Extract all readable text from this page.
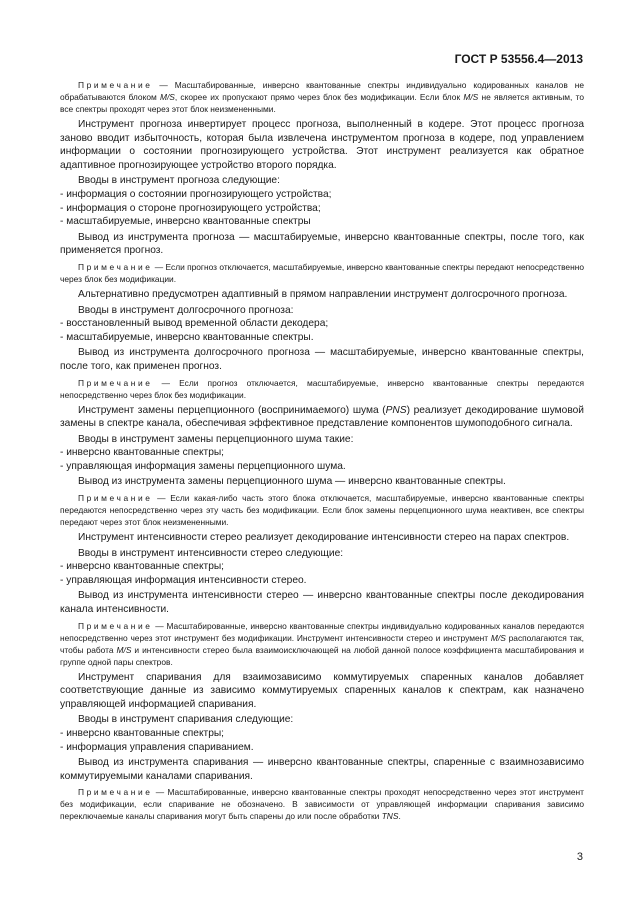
ГОСТ Р 53556.4—2013

Примечание — Масштабированные, инверсно квантованные спектры индивидуально кодированных каналов не обрабатываются блоком M/S, скорее их пропускают прямо через блок без модификации. Если блок M/S не является активным, то все спектры проходят через этот блок неизмененными.

Инструмент прогноза инвертирует процесс прогноза, выполненный в кодере. Этот процесс прогноза заново вводит избыточность, которая была извлечена инструментом прогноза в кодере, под управлением информации о состоянии прогнозирующего устройства. Этот инструмент реализуется как обратное адаптивное прогнозирующее устройство второго порядка.

Вводы в инструмент прогноза следующие:

- информация о состоянии прогнозирующего устройства;

- информация о стороне прогнозирующего устройства;

- масштабируемые, инверсно квантованные спектры

Вывод из инструмента прогноза — масштабируемые, инверсно квантованные спектры, после того, как применяется прогноз.

Примечание — Если прогноз отключается, масштабируемые, инверсно квантованные спектры передают непосредственно через блок без модификации.

Альтернативно предусмотрен адаптивный в прямом направлении инструмент долгосрочного прогноза.

Вводы в инструмент долгосрочного прогноза:

- восстановленный вывод временной области декодера;

- масштабируемые, инверсно квантованные спектры.

Вывод из инструмента долгосрочного прогноза — масштабируемые, инверсно квантованные спектры, после того, как применен прогноз.

Примечание — Если прогноз отключается, масштабируемые, инверсно квантованные спектры передаются непосредственно через блок без модификации.

Инструмент замены перцепционного (воспринимаемого) шума (PNS) реализует декодирование шумовой замены в спектре канала, обеспечивая эффективное представление компонентов шумоподобного сигнала.

Вводы в инструмент замены перцепционного шума такие:

- инверсно квантованные спектры;

- управляющая информация замены перцепционного шума.

Вывод из инструмента замены перцепционного шума — инверсно квантованные спектры.

Примечание — Если какая-либо часть этого блока отключается, масштабируемые, инверсно квантованные спектры передаются непосредственно через эту часть без модификации. Если блок замены перцепционного шума неактивен, все спектры передают через этот блок неизмененными.

Инструмент интенсивности стерео реализует декодирование интенсивности стерео на парах спектров.

Вводы в инструмент интенсивности стерео следующие:

- инверсно квантованные спектры;

- управляющая информация интенсивности стерео.

Вывод из инструмента интенсивности стерео — инверсно квантованные спектры после декодирования канала интенсивности.

Примечание — Масштабированные, инверсно квантованные спектры индивидуально кодированных каналов передаются непосредственно через этот инструмент без модификации. Инструмент интенсивности стерео и инструмент M/S располагаются так, чтобы работа M/S и интенсивности стерео была взаимоисключающей на любой данной полосе коэффициента масштабирования и группе одной пары спектров.

Инструмент спаривания для взаимозависимо коммутируемых спаренных каналов добавляет соответствующие данные из зависимо коммутируемых спаренных каналов к спектрам, как назначено управляющей информацией спаривания.

Вводы в инструмент спаривания следующие:

- инверсно квантованные спектры;

- информация управления спариванием.

Вывод из инструмента спаривания — инверсно квантованные спектры, спаренные с взаимнозависимо коммутируемыми каналами спаривания.

Примечание — Масштабированные, инверсно квантованные спектры проходят непосредственно через этот инструмент без модификации, если спаривание не обозначено. В зависимости от управляющей информации спаривания зависимо переключаемые каналы спаривания могут быть спарены до или после обработки TNS.

3
